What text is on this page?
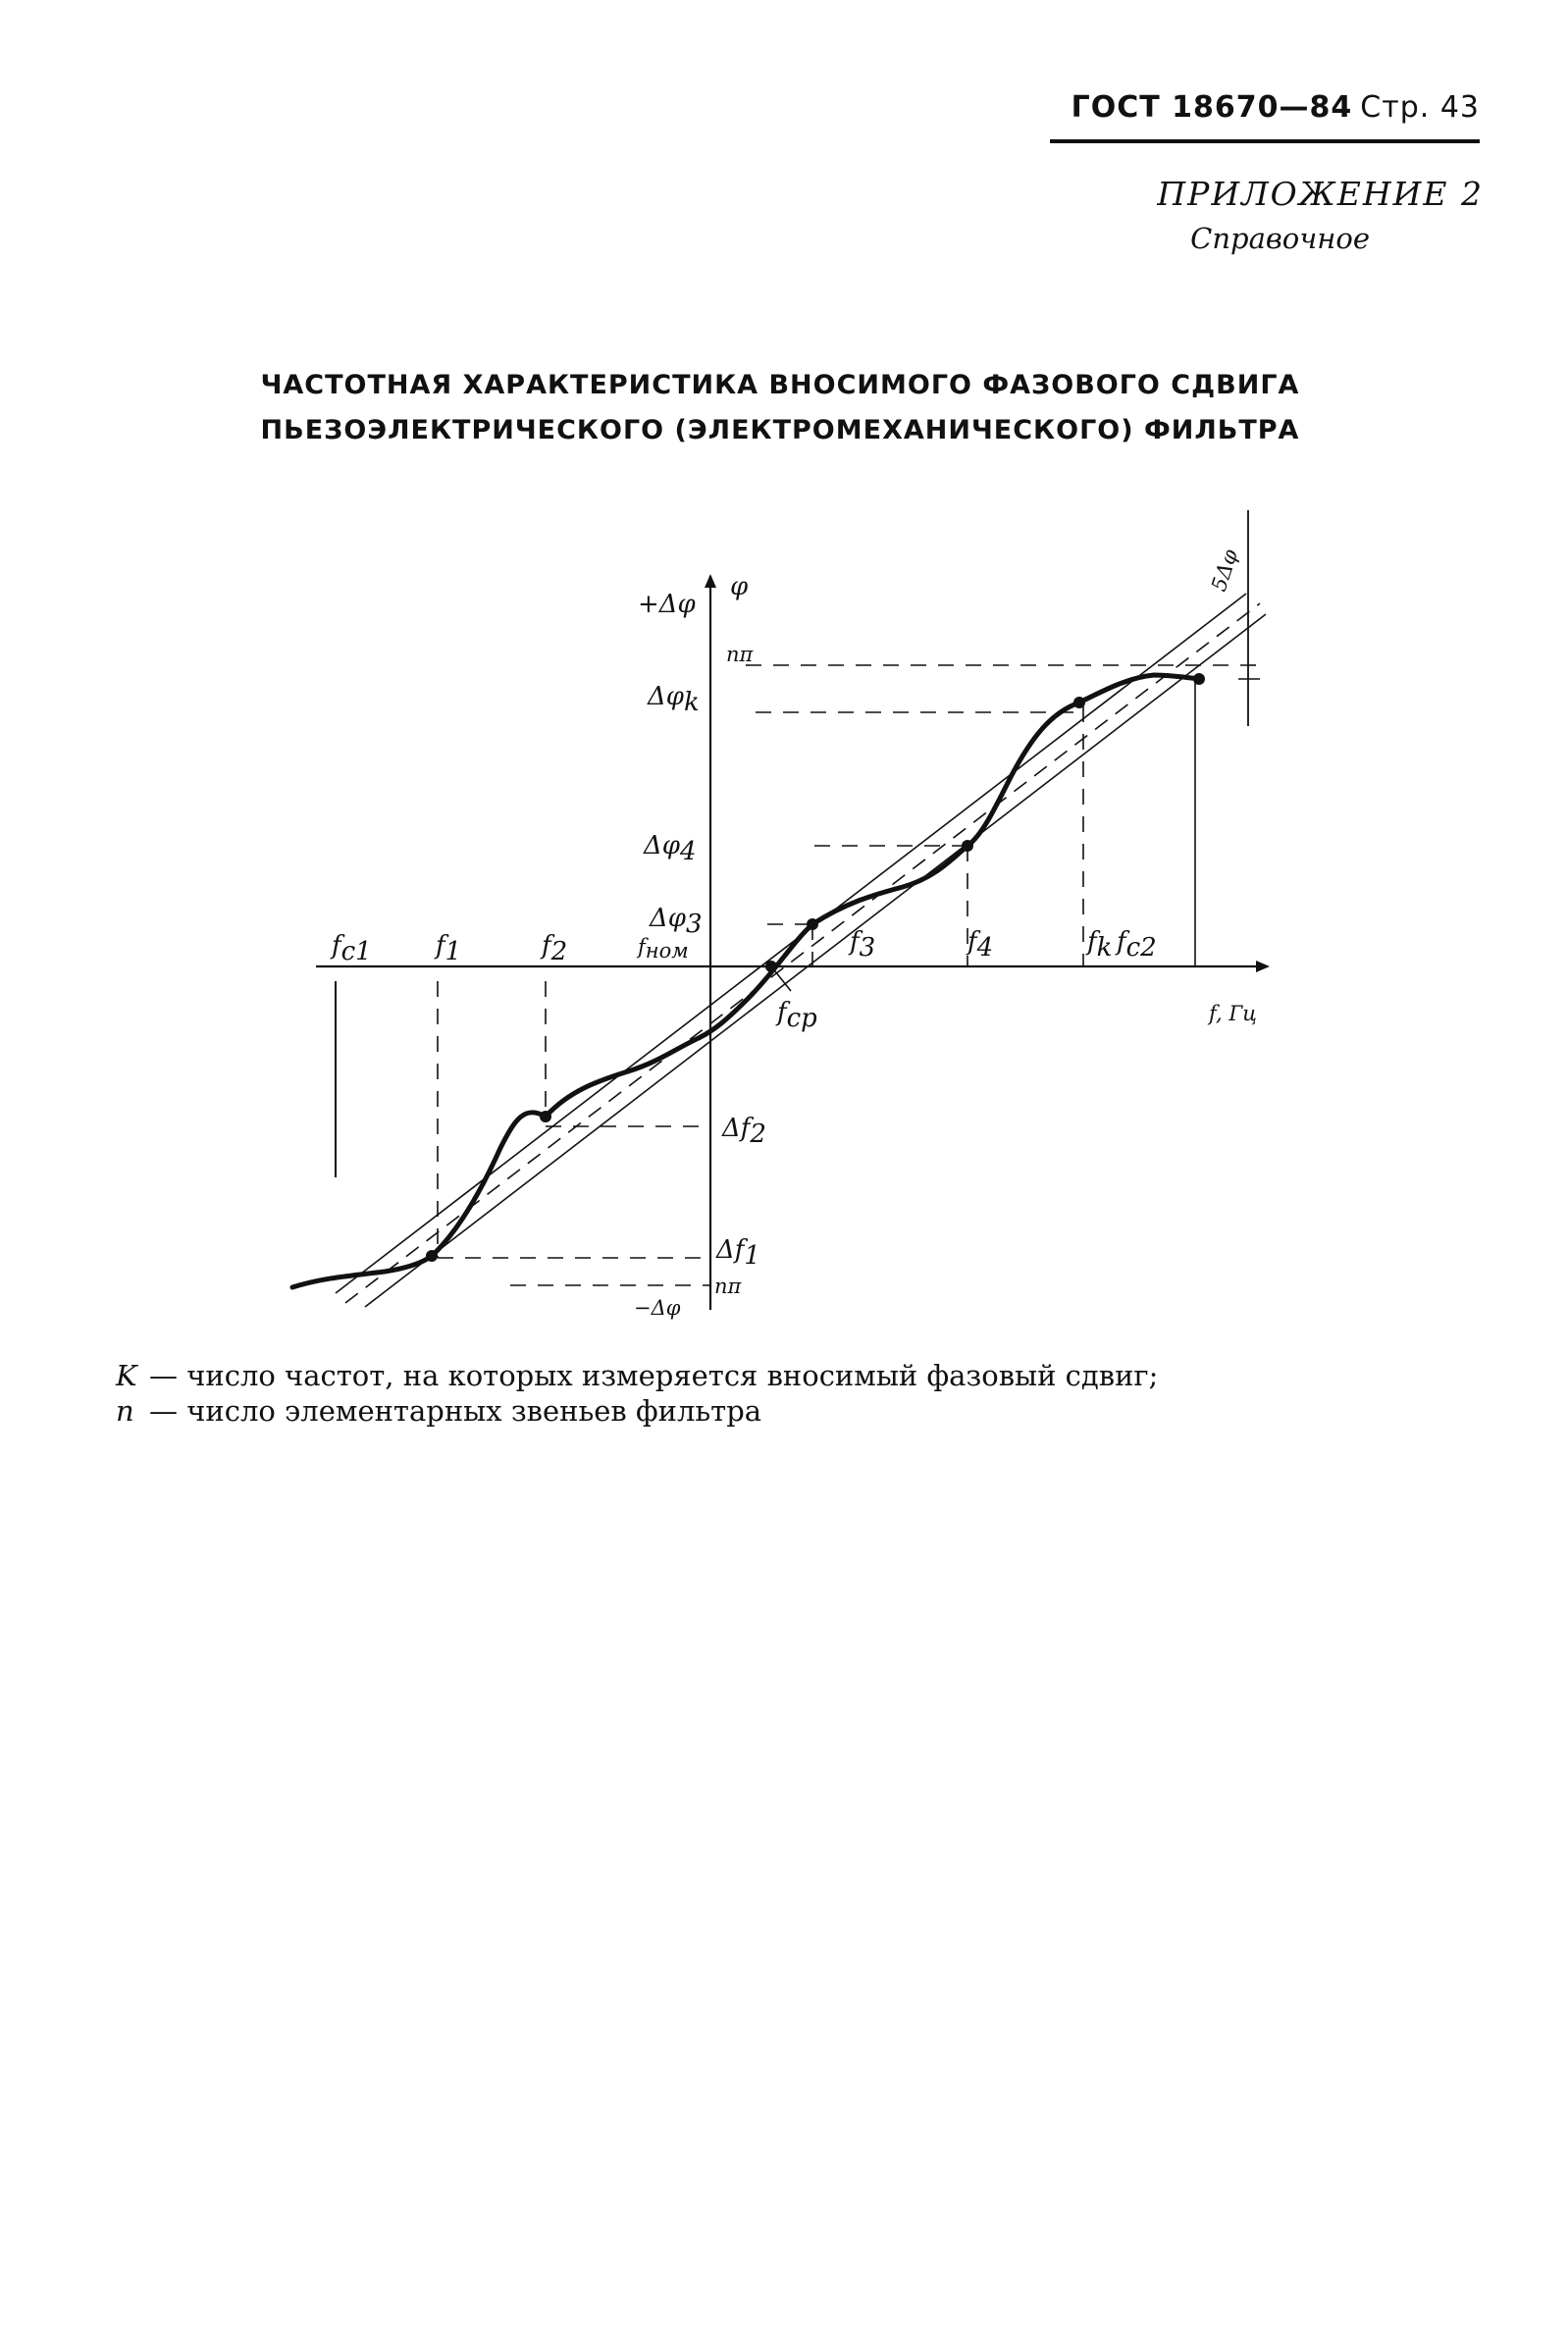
ГОСТ 18670—84 Стр. 43
ПРИЛОЖЕНИЕ 2
Справочное
ЧАСТОТНАЯ ХАРАКТЕРИСТИКА ВНОСИМОГО ФАЗОВОГО СДВИГА
ПЬЕЗОЭЛЕКТРИЧЕСКОГО (ЭЛЕКТРОМЕХАНИЧЕСКОГО) ФИЛЬТРА
+Δφ
φ
nπ
Δφk
Δφ4
Δφ3
fном
fc1	f1	f2	f3	f4	fk fc2
fcp	f, Гц
Δf2
Δf1
nπ
−Δφ
5Δφ
K — число частот, на которых измеряется вносимый фазовый сдвиг;
n — число элементарных звеньев фильтра
